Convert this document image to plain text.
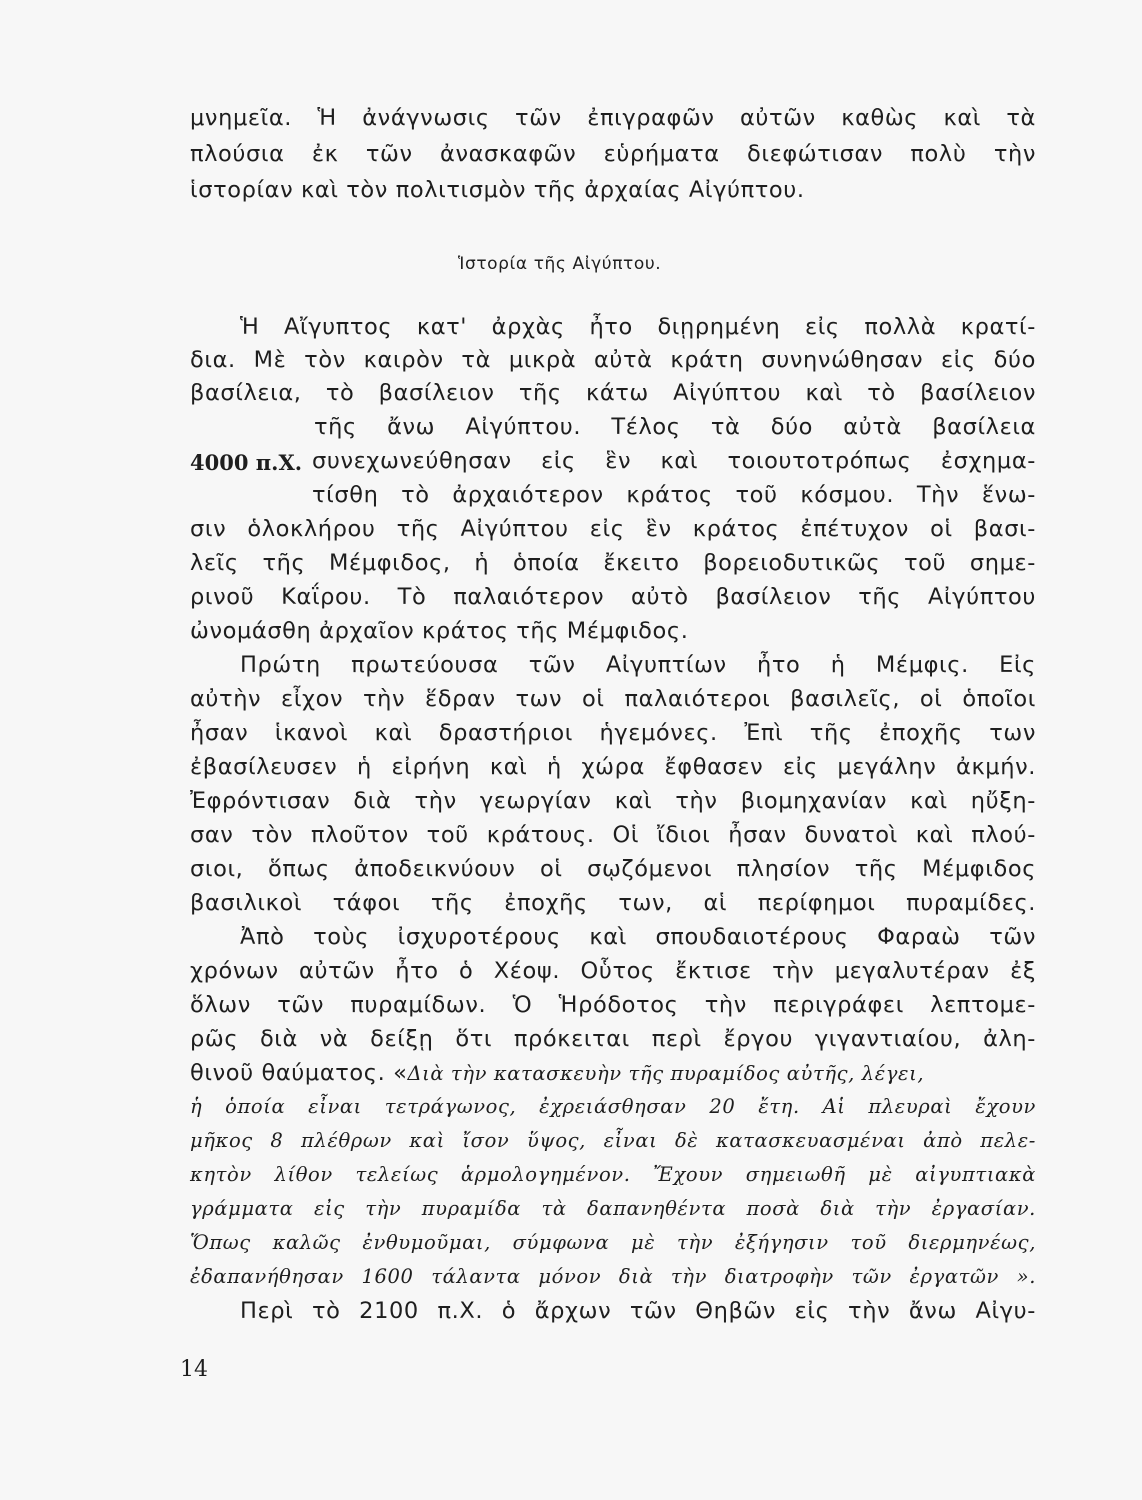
Ἱστορία τῆς Αἰγύπτου.
4000 π.Χ.
μνημεῖα. Ἡ ἀνάγνωσις τῶν ἐπιγραφῶν αὐτῶν καθὼς καὶ τὰ
πλούσια ἐκ τῶν ἀνασκαφῶν εὑρήματα διεφώτισαν πολὺ τὴν
ἱστορίαν καὶ τὸν πολιτισμὸν τῆς ἀρχαίας Αἰγύπτου.
Ἡ Αἴγυπτος κατ' ἀρχὰς ἦτο διῃρημένη εἰς πολλὰ κρατί-
δια. Μὲ τὸν καιρὸν τὰ μικρὰ αὐτὰ κράτη συνηνώθησαν εἰς δύο
βασίλεια, τὸ βασίλειον τῆς κάτω Αἰγύπτου καὶ τὸ βασίλειον
τῆς ἄνω Αἰγύπτου. Τέλος τὰ δύο αὐτὰ βασίλεια
συνεχωνεύθησαν εἰς ἓν καὶ τοιουτοτρόπως ἐσχημα-
τίσθη τὸ ἀρχαιότερον κράτος τοῦ κόσμου. Τὴν ἕνω-
σιν ὁλοκλήρου τῆς Αἰγύπτου εἰς ἓν κράτος ἐπέτυχον οἱ βασι-
λεῖς τῆς Μέμφιδος, ἡ ὁποία ἔκειτο βορειοδυτικῶς τοῦ σημε-
ρινοῦ Καΐρου. Τὸ παλαιότερον αὐτὸ βασίλειον τῆς Αἰγύπτου
ὠνομάσθη ἀρχαῖον κράτος τῆς Μέμφιδος.
Πρώτη πρωτεύουσα τῶν Αἰγυπτίων ἦτο ἡ Μέμφις. Εἰς
αὐτὴν εἶχον τὴν ἕδραν των οἱ παλαιότεροι βασιλεῖς, οἱ ὁποῖοι
ἦσαν ἱκανοὶ καὶ δραστήριοι ἡγεμόνες. Ἐπὶ τῆς ἐποχῆς των
ἐβασίλευσεν ἡ εἰρήνη καὶ ἡ χώρα ἔφθασεν εἰς μεγάλην ἀκμήν.
Ἐφρόντισαν διὰ τὴν γεωργίαν καὶ τὴν βιομηχανίαν καὶ ηὔξη-
σαν τὸν πλοῦτον τοῦ κράτους. Οἱ ἴδιοι ἦσαν δυνατοὶ καὶ πλού-
σιοι, ὅπως ἀποδεικνύουν οἱ σῳζόμενοι πλησίον τῆς Μέμφιδος
βασιλικοὶ τάφοι τῆς ἐποχῆς των, αἱ περίφημοι πυραμίδες.
Ἀπὸ τοὺς ἰσχυροτέρους καὶ σπουδαιοτέρους Φαραὼ τῶν
χρόνων αὐτῶν ἦτο ὁ Χέοψ. Οὗτος ἔκτισε τὴν μεγαλυτέραν ἐξ
ὅλων τῶν πυραμίδων. Ὁ Ἡρόδοτος τὴν περιγράφει λεπτομε-
ρῶς διὰ νὰ δείξῃ ὅτι πρόκειται περὶ ἔργου γιγαντιαίου, ἀλη-
θινοῦ θαύματος. «Διὰ τὴν κατασκευὴν τῆς πυραμίδος αὐτῆς, λέγει,
ἡ ὁποία εἶναι τετράγωνος, ἐχρειάσθησαν 20 ἔτη. Αἱ πλευραὶ ἔχουν
μῆκος 8 πλέθρων καὶ ἴσον ὕψος, εἶναι δὲ κατασκευασμέναι ἀπὸ πελε-
κητὸν λίθον τελείως ἁρμολογημένον. Ἔχουν σημειωθῆ μὲ αἰγυπτιακὰ
γράμματα εἰς τὴν πυραμίδα τὰ δαπανηθέντα ποσὰ διὰ τὴν ἐργασίαν.
Ὅπως καλῶς ἐνθυμοῦμαι, σύμφωνα μὲ τὴν ἐξήγησιν τοῦ διερμηνέως,
ἐδαπανήθησαν 1600 τάλαντα μόνον διὰ τὴν διατροφὴν τῶν ἐργατῶν ».
Περὶ τὸ 2100 π.Χ. ὁ ἄρχων τῶν Θηβῶν εἰς τὴν ἄνω Αἰγυ-
14
